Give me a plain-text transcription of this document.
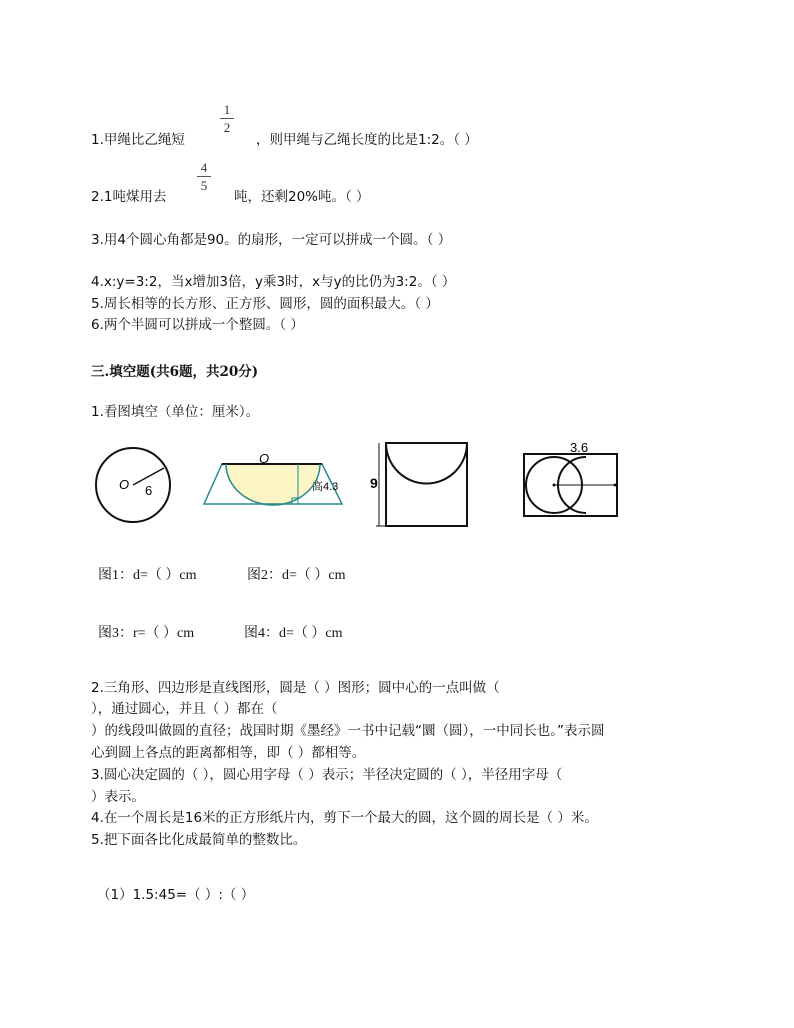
1.甲绳比乙绳短
1
2
，则甲绳与乙绳长度的比是1:2。（ ）
2.1吨煤用去
4
5
吨，还剩20%吨。（ ）
3.用4个圆心角都是90。的扇形，一定可以拼成一个圆。（ ）
4.x:y=3:2，当x增加3倍，y乘3时，x与y的比仍为3:2。（ ）
5.周长相等的长方形、正方形、圆形，圆的面积最大。（ ）
6.两个半圆可以拼成一个整圆。（ ）
三.填空题(共6题，共20分)
1.看图填空（单位：厘米）。
O 6
O
高4.3 9
3.6
图1：d=（ ）cm	图2：d=（ ）cm
图3：r=（ ）cm	图4：d=（ ）cm
2.三角形、四边形是直线图形，圆是（ ）图形；圆中心的一点叫做（
），通过圆心，并且（ ）都在（
）的线段叫做圆的直径；战国时期《墨经》一书中记载“圜（圆），一中同长也。”表示圆
心到圆上各点的距离都相等，即（ ）都相等。
3.圆心决定圆的（ ），圆心用字母（ ）表示；半径决定圆的（ ），半径用字母（
）表示。
4.在一个周长是16米的正方形纸片内，剪下一个最大的圆，这个圆的周长是（ ）米。
5.把下面各比化成最简单的整数比。
（1）1.5:45=（ ）:（ ）
